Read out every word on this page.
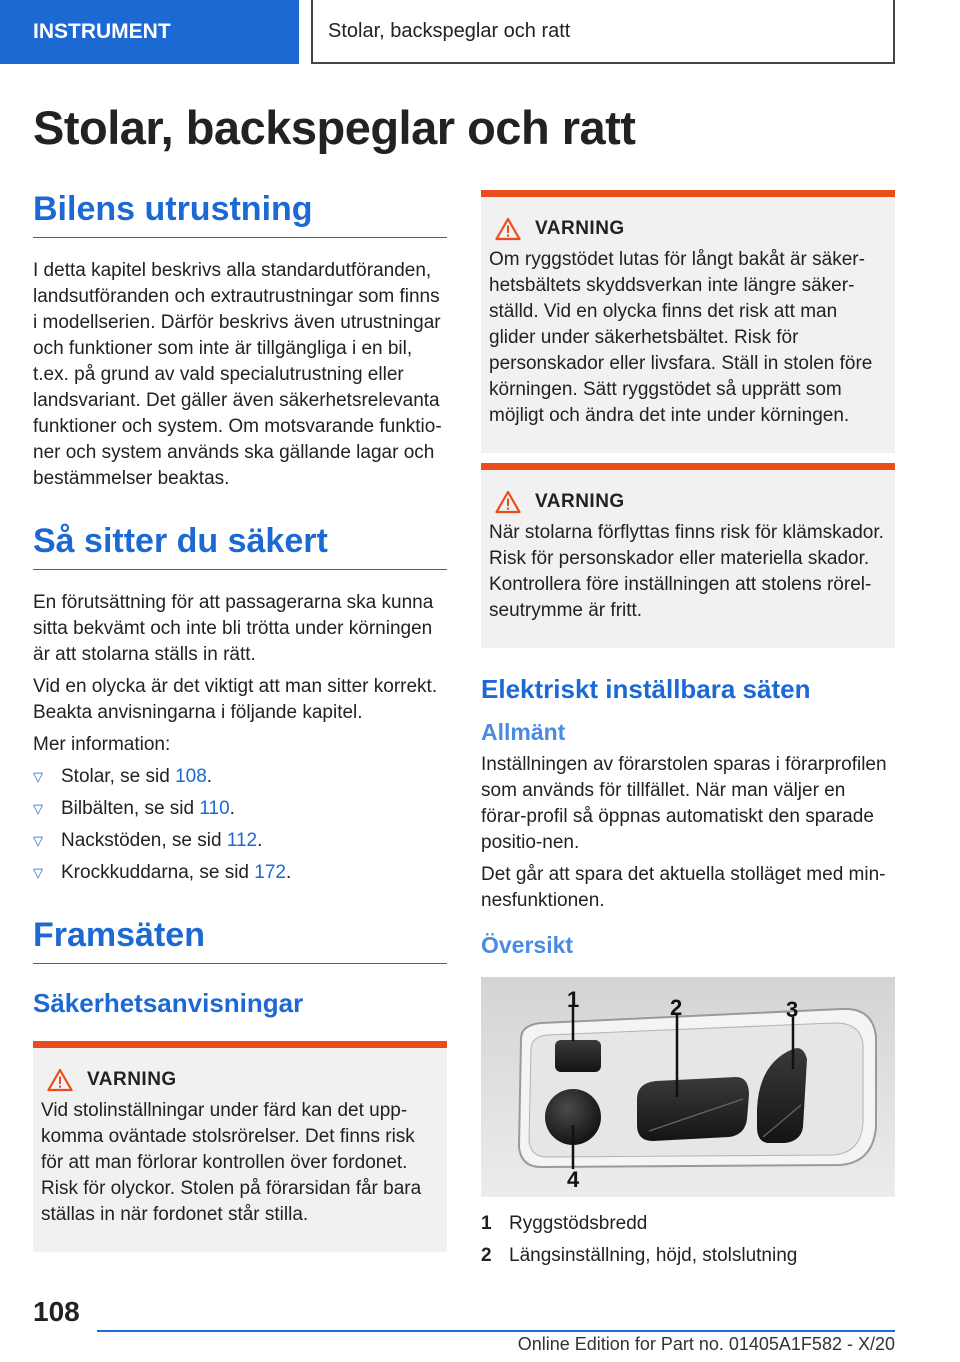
INSTRUMENT	Stolar, backspeglar och ratt
Stolar, backspeglar och ratt
Bilens utrustning

I detta kapitel beskrivs alla standardutföranden, landsutföranden och extrautrustningar som finns i modellserien. Därför beskrivs även utrustningar och funktioner som inte är tillgängliga i en bil, t.ex. på grund av vald specialutrustning eller landsvariant. Det gäller även säkerhetsrelevanta funktioner och system. Om motsvarande funktio‐ner och system används ska gällande lagar och bestämmelser beaktas.

Så sitter du säkert

En förutsättning för att passagerarna ska kunna sitta bekvämt och inte bli trötta under körningen är att stolarna ställs in rätt.

Vid en olycka är det viktigt att man sitter korrekt. Beakta anvisningarna i följande kapitel.

Mer information:

▽ Stolar, se sid 108.
▽ Bilbälten, se sid 110.
▽ Nackstöden, se sid 112.
▽ Krockkuddarna, se sid 172.
Framsäten
Säkerhetsanvisningar
VARNING

Vid stolinställningar under färd kan det upp‐komma oväntade stolsrörelser. Det finns risk för att man förlorar kontrollen över fordonet. Risk för olyckor. Stolen på förarsidan får bara ställas in när fordonet står stilla.

VARNING

Om ryggstödet lutas för långt bakåt är säker‐hetsbältets skyddsverkan inte längre säker‐ställd. Vid en olycka finns det risk att man glider under säkerhetsbältet. Risk för personskador eller livsfara. Ställ in stolen före körningen. Sätt ryggstödet så upprätt som möjligt och ändra det inte under körningen.

VARNING

När stolarna förflyttas finns risk för klämskador. Risk för personskador eller materiella skador. Kontrollera före inställningen att stolens rörel‐seutrymme är fritt.

Elektriskt inställbara säten
Allmänt

Inställningen av förarstolen sparas i förarprofilen som används för tillfället. När man väljer en förar‐profil så öppnas automatiskt den sparade positio‐nen.

Det går att spara det aktuella stolläget med min‐nesfunktionen.

Översikt
1	2	3
4
1 Ryggstödsbredd
2 Längsinställning, höjd, stolslutning
108
Online Edition for Part no. 01405A1F582 - X/20
